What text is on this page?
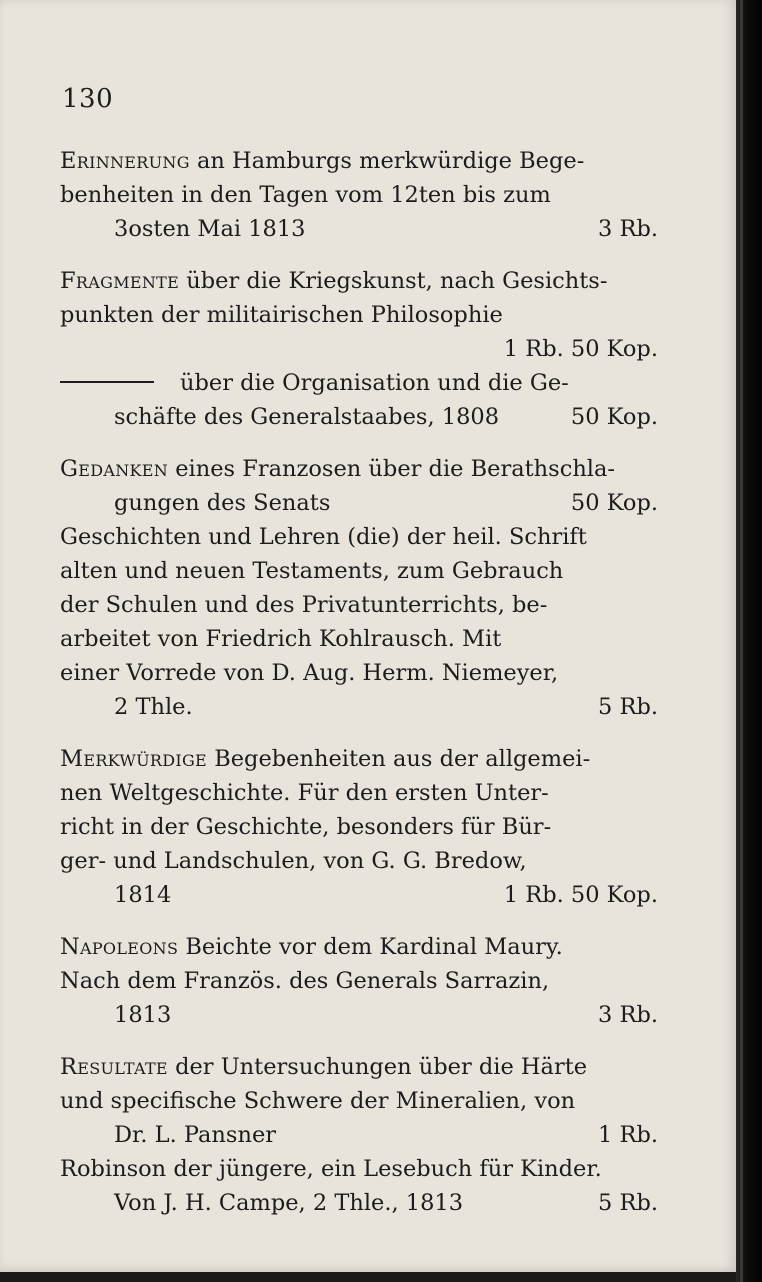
130
Erinnerung an Hamburgs merkwürdige Bege-
benheiten in den Tagen vom 12ten bis zum
3osten Mai 1813	3 Rb.
Fragmente über die Kriegskunst, nach Gesichts-
punkten der militairischen Philosophie
1 Rb. 50 Kop.
über die Organisation und die Ge-
schäfte des Generalstaabes, 1808	50 Kop.
Gedanken eines Franzosen über die Berathschla-
gungen des Senats	50 Kop.
Geschichten und Lehren (die) der heil. Schrift
alten und neuen Testaments, zum Gebrauch
der Schulen und des Privatunterrichts, be-
arbeitet von Friedrich Kohlrausch. Mit
einer Vorrede von D. Aug. Herm. Niemeyer,
2 Thle.	5 Rb.
Merkwürdige Begebenheiten aus der allgemei-
nen Weltgeschichte. Für den ersten Unter-
richt in der Geschichte, besonders für Bür-
ger- und Landschulen, von G. G. Bredow,
1814	1 Rb. 50 Kop.
Napoleons Beichte vor dem Kardinal Maury.
Nach dem Französ. des Generals Sarrazin,
1813	3 Rb.
Resultate der Untersuchungen über die Härte
und specifische Schwere der Mineralien, von
Dr. L. Pansner	1 Rb.
Robinson der jüngere, ein Lesebuch für Kinder.
Von J. H. Campe, 2 Thle., 1813	5 Rb.
